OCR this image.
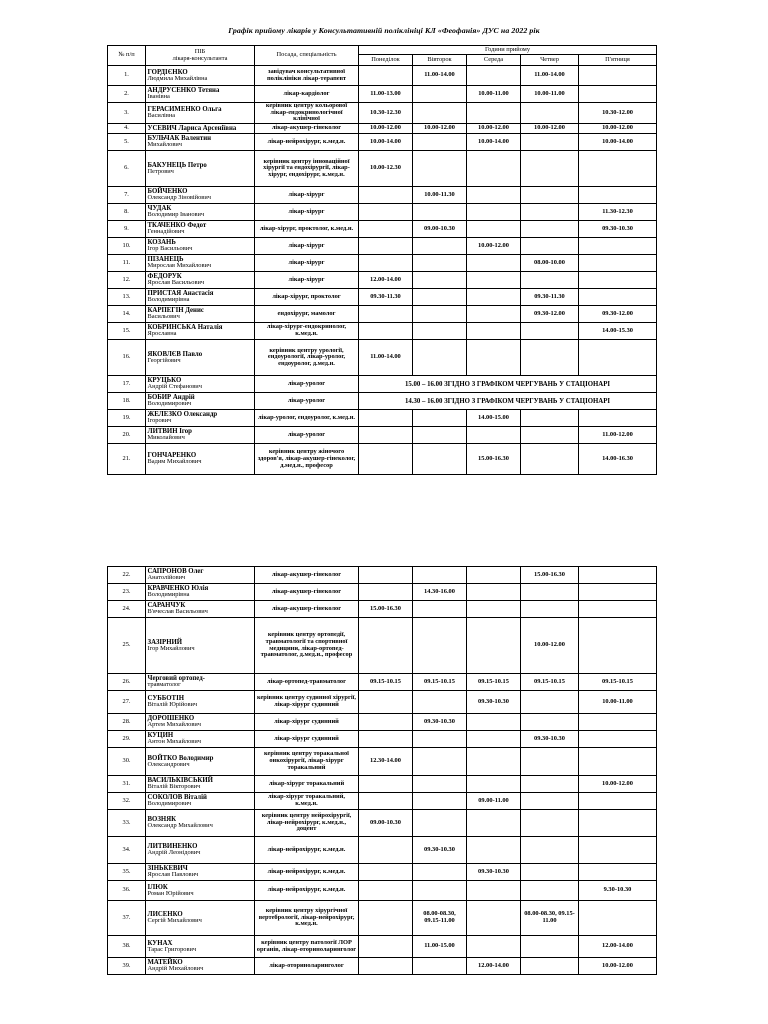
Графік прийому лікарів у Консультативній поліклініці КЛ «Феофанія» ДУС на 2022 рік
№ п/п	ПІБ
лікаря-консультанта	Посада, спеціальність	Години прийому				
			Понеділок	Вівторок	Середа	Четвер	П'ятниця
1.	ГОРДІЄНКО
Людмила Михайлівна	завідувач консультативної поліклініки лікар-терапевт		11.00-14.00		11.00-14.00	
2.	АНДРУСЕНКО Тетяна
Іванівна	лікар-кардіолог	11.00-13.00		10.00-11.00	10.00-11.00	
3.	ГЕРАСИМЕНКО Ольга
Василівна	керівник центру кольорової лікар-ендокринологічної клінічної	10.30-12.30				10.30-12.00
4.	УСЕВИЧ Лариса Арсеніївна	лікар-акушер-гінеколог	10.00-12.00	10.00-12.00	10.00-12.00	10.00-12.00	10.00-12.00
5.	БУЛЬЧАК Валентин
Михайлович	лікар-нейрохірург, к.мед.н.	10.00-14.00		10.00-14.00		10.00-14.00
6.	БАКУНЕЦЬ Петро
Петрович	керівник центру інноваційної хірургії та ендохірургії, лікар-хірург, ендохірург, к.мед.н.	10.00-12.30				
7.	БОЙЧЕНКО
Олександр Зіновійович	лікар-хірург		10.00-11.30			
8.	ЧУДАК
Володимир Іванович	лікар-хірург					11.30-12.30
9.	ТКАЧЕНКО Федот
Геннадійович	лікар-хірург, проктолог, к.мед.н.		09.00-10.30			09.30-10.30
10.	КОЗАНЬ
Ігор Васильович	лікар-хірург			10.00-12.00		
11.	ПІЗАНЕЦЬ
Мирослав Михайлович	лікар-хірург				08.00-10.00	
12.	ФЕДОРУК
Ярослав Васильович	лікар-хірург	12.00-14.00				
13.	ПРИСТАЯ Анастасія
Володимирівна	лікар-хірург, проктолог	09.30-11.30			09.30-11.30	
14.	КАРПЕГІН Денис
Васильович	ендохірург, мамолог				09.30-12.00	09.30-12.00
15.	КОБРИНСЬКА Наталія
Ярославна	лікар-хірург-ендокринолог, к.мед.н.					14.00-15.30
16.	ЯКОВЛЄВ Павло
Георгійович	керівник центру урології, ендоурології, лікар-уролог, ендоуролог, д.мед.н.	11.00-14.00				
17.	КРУЦЬКО
Андрій Стефанович	лікар-уролог	15.00 – 16.00 ЗГІДНО З ГРАФІКОМ ЧЕРГУВАНЬ У СТАЦІОНАРІ				
18.	БОБИР Андрій
Володимирович	лікар-уролог	14.30 – 16.00 ЗГІДНО З ГРАФІКОМ ЧЕРГУВАНЬ У СТАЦІОНАРІ				
19.	ЖЕЛЕЗКО Олександр
Ігорович	лікар-уролог, ендоуролог, к.мед.н.			14.00-15.00		
20.	ЛИТВИН Ігор
Миколайович	лікар-уролог					11.00-12.00
21.	ГОНЧАРЕНКО
Вадим Михайлович	керівник центру жіночого здоров'я, лікар-акушер-гінеколог, д.мед.н., професор			15.00-16.30		14.00-16.30
22.	САПРОНОВ Олег
Анатолійович	лікар-акушер-гінеколог				15.00-16.30	
23.	КРАВЧЕНКО Юлія
Володимирівна	лікар-акушер-гінеколог		14.30-16.00			
24.	САРАНЧУК
В'ячеслав Васильович	лікар-акушер-гінеколог	15.00-16.30				
25.	ЗАЗІРНИЙ
Ігор Михайлович	керівник центру ортопедії, травматології та спортивної медицини, лікар-ортопед-травматолог, д.мед.н., професор				10.00-12.00	
26.	Черговий ортопед-
травматолог	лікар-ортопед-травматолог	09.15-10.15	09.15-10.15	09.15-10.15	09.15-10.15	09.15-10.15
27.	СУББОТІН
Віталій Юрійович	керівник центру судинної хірургії, лікар-хірург судинний			09.30-10.30		10.00-11.00
28.	ДОРОШЕНКО
Артем Михайлович	лікар-хірург судинний		09.30-10.30			
29.	КУЦИН
Антон Михайлович	лікар-хірург судинний				09.30-10.30	
30.	ВОЙТКО Володимир
Олександрович	керівник центру торакальної онкохірургії, лікар-хірург торакальний	12.30-14.00				
31.	ВАСИЛЬКІВСЬКИЙ
Віталій Вікторович	лікар-хірург торакальний					10.00-12.00
32.	СОКОЛОВ Віталій
Володимирович	лікар-хірург торакальний, к.мед.н.			09.00-11.00		
33.	ВОЗНЯК
Олександр Михайлович	керівник центру нейрохірургії, лікар-нейрохірург, к.мед.н., доцент	09.00-10.30				
34.	ЛИТВИНЕНКО
Андрій Леонідович	лікар-нейрохірург, к.мед.н.		09.30-10.30			
35.	ЗІНЬКЕВИЧ
Ярослав Павлович	лікар-нейрохірург, к.мед.н.			09.30-10.30		
36.	ІЛЮК
Роман Юрійович	лікар-нейрохірург, к.мед.н.					9.30-10.30
37.	ЛИСЕНКО
Сергій Михайлович	керівник центру хірургічної вертебрології, лікар-нейрохірург, к.мед.н.		08.00-08.30, 09.15-11.00		08.00-08.30, 09.15-11.00	
38.	КУНАХ
Тарас Григорович	керівник центру патології ЛОР органів, лікар-оториноларинголог		11.00-15.00			12.00-14.00
39.	МАТЕЙКО
Андрій Михайлович	лікар-оториноларинголог			12.00-14.00		10.00-12.00
